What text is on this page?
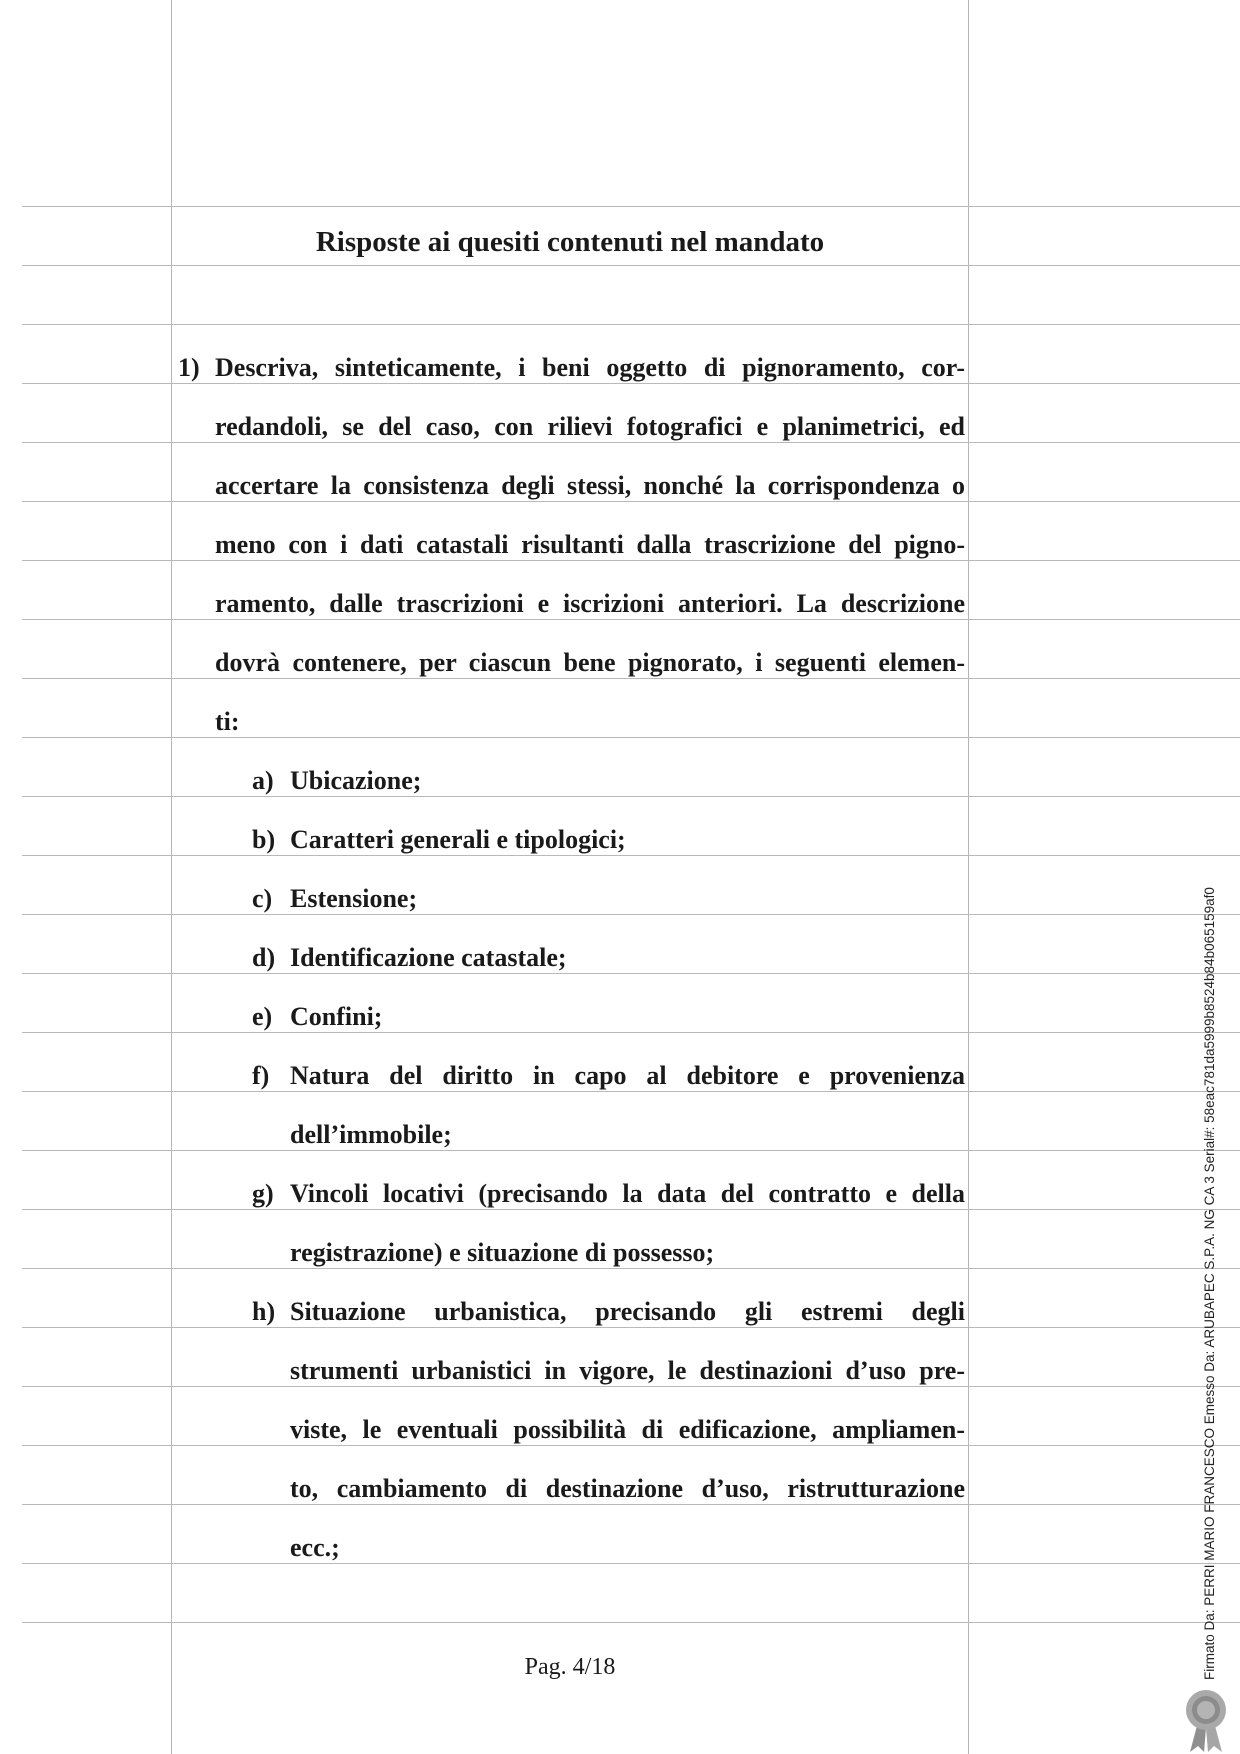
Risposte ai quesiti contenuti nel mandato
1) Descriva, sinteticamente, i beni oggetto di pignoramento, cor-
redandoli, se del caso, con rilievi fotografici e planimetrici, ed
accertare la consistenza degli stessi, nonché la corrispondenza o
meno con i dati catastali risultanti dalla trascrizione del pigno-
ramento, dalle trascrizioni e iscrizioni anteriori. La descrizione
dovrà contenere, per ciascun bene pignorato, i seguenti elemen-
ti:
a) Ubicazione;
b) Caratteri generali e tipologici;
c) Estensione;
d) Identificazione catastale;
e) Confini;
f) Natura del diritto in capo al debitore e provenienza
dell’immobile;
g) Vincoli locativi (precisando la data del contratto e della
registrazione) e situazione di possesso;
h) Situazione urbanistica, precisando gli estremi degli
strumenti urbanistici in vigore, le destinazioni d’uso pre-
viste, le eventuali possibilità di edificazione, ampliamen-
to, cambiamento di destinazione d’uso, ristrutturazione
ecc.;
Pag. 4/18	Firmato Da: PERRI MARIO FRANCESCO Emesso Da: ARUBAPEC S.P.A. NG CA 3 Serial#: 58eac781da5999b8524b84b065159af0
